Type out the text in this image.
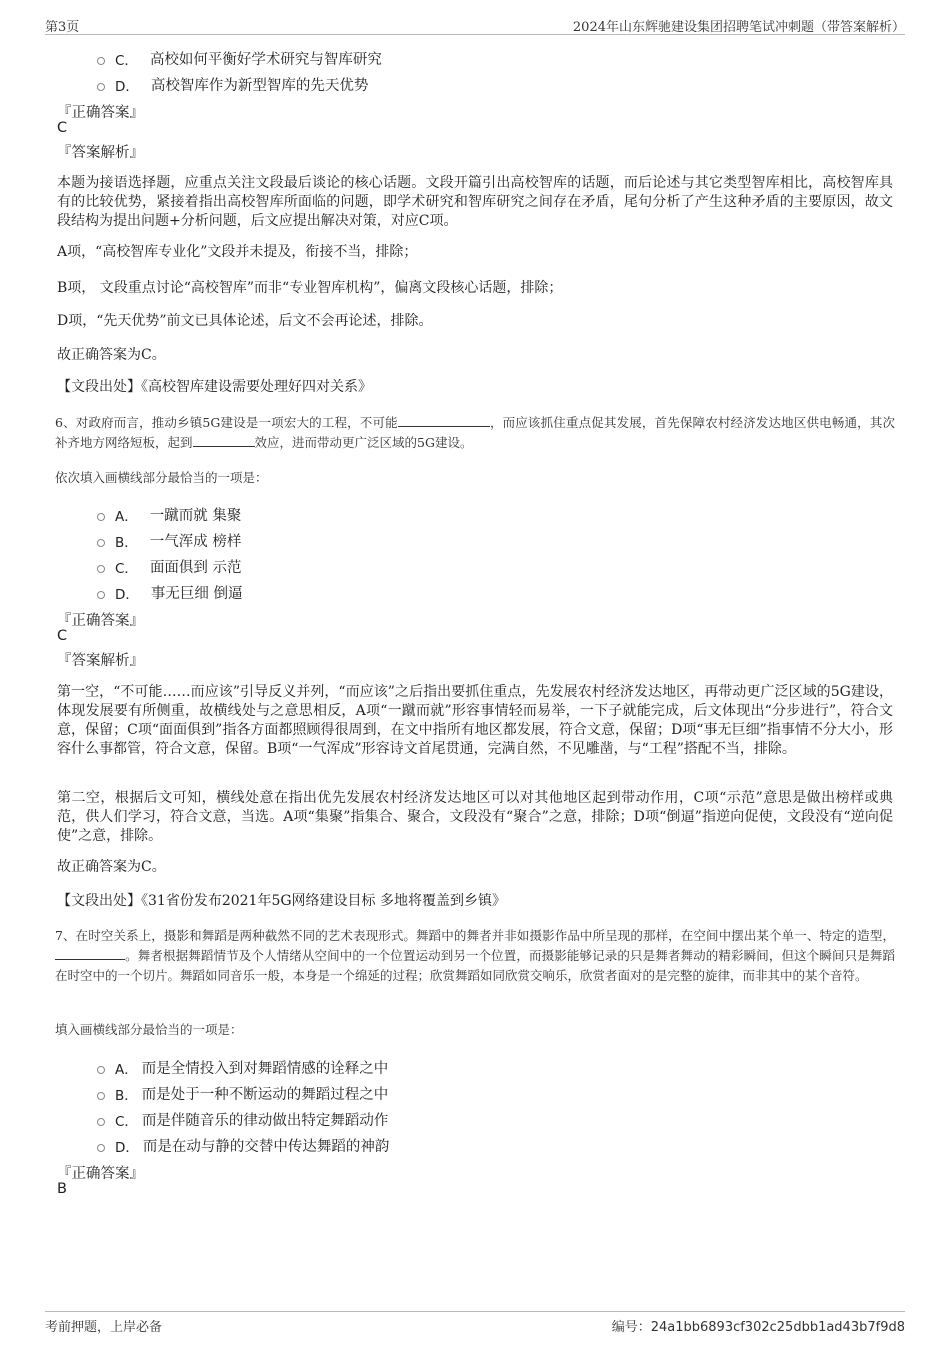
第3页	2024年山东辉驰建设集团招聘笔试冲刺题（带答案解析）
C． 高校如何平衡好学术研究与智库研究
D． 高校智库作为新型智库的先天优势
『正确答案』
C
『答案解析』
本题为接语选择题，应重点关注文段最后谈论的核心话题。文段开篇引出高校智库的话题，而后论述与其它类型智库相比，高校智库具有的比较优势，紧接着指出高校智库所面临的问题，即学术研究和智库研究之间存在矛盾，尾句分析了产生这种矛盾的主要原因，故文段结构为提出问题+分析问题，后文应提出解决对策，对应C项。
A项，“高校智库专业化”文段并未提及，衔接不当，排除；
B项， 文段重点讨论“高校智库”而非“专业智库机构”，偏离文段核心话题，排除；
D项，“先天优势”前文已具体论述，后文不会再论述，排除。
故正确答案为C。
【文段出处】《高校智库建设需要处理好四对关系》
6、对政府而言，推动乡镇5G建设是一项宏大的工程，不可能	，而应该抓住重点促其发展，首先保障农村经济发达地区供电畅通，其次补齐地方网络短板，起到	效应，进而带动更广泛区域的5G建设。
依次填入画横线部分最恰当的一项是：
A． 一蹴而就 集聚
B． 一气浑成 榜样
C． 面面俱到 示范
D． 事无巨细 倒逼
『正确答案』
C
『答案解析』
第一空，“不可能……而应该”引导反义并列，“而应该”之后指出要抓住重点，先发展农村经济发达地区，再带动更广泛区域的5G建设，体现发展要有所侧重，故横线处与之意思相反，A项“一蹴而就”形容事情轻而易举，一下子就能完成，后文体现出“分步进行”，符合文意，保留；C项“面面俱到”指各方面都照顾得很周到，在文中指所有地区都发展，符合文意，保留；D项“事无巨细”指事情不分大小，形容什么事都管，符合文意，保留。B项“一气浑成”形容诗文首尾贯通，完满自然，不见雕凿，与“工程”搭配不当，排除。
第二空，根据后文可知，横线处意在指出优先发展农村经济发达地区可以对其他地区起到带动作用，C项“示范”意思是做出榜样或典范，供人们学习，符合文意，当选。A项“集聚”指集合、聚合，文段没有“聚合”之意，排除；D项“倒逼”指逆向促使，文段没有“逆向促使”之意，排除。
故正确答案为C。
【文段出处】《31省份发布2021年5G网络建设目标 多地将覆盖到乡镇》
7、在时空关系上，摄影和舞蹈是两种截然不同的艺术表现形式。舞蹈中的舞者并非如摄影作品中所呈现的那样，在空间中摆出某个单一、特定的造型，。舞者根据舞蹈情节及个人情绪从空间中的一个位置运动到另一个位置，而摄影能够记录的只是舞者舞动的精彩瞬间，但这个瞬间只是舞蹈在时空中的一个切片。舞蹈如同音乐一般，本身是一个绵延的过程；欣赏舞蹈如同欣赏交响乐，欣赏者面对的是完整的旋律，而非其中的某个音符。
填入画横线部分最恰当的一项是：
A． 而是全情投入到对舞蹈情感的诠释之中
B． 而是处于一种不断运动的舞蹈过程之中
C． 而是伴随音乐的律动做出特定舞蹈动作
D． 而是在动与静的交替中传达舞蹈的神韵
『正确答案』
B
考前押题，上岸必备	编号：24a1bb6893cf302c25dbb1ad43b7f9d8
